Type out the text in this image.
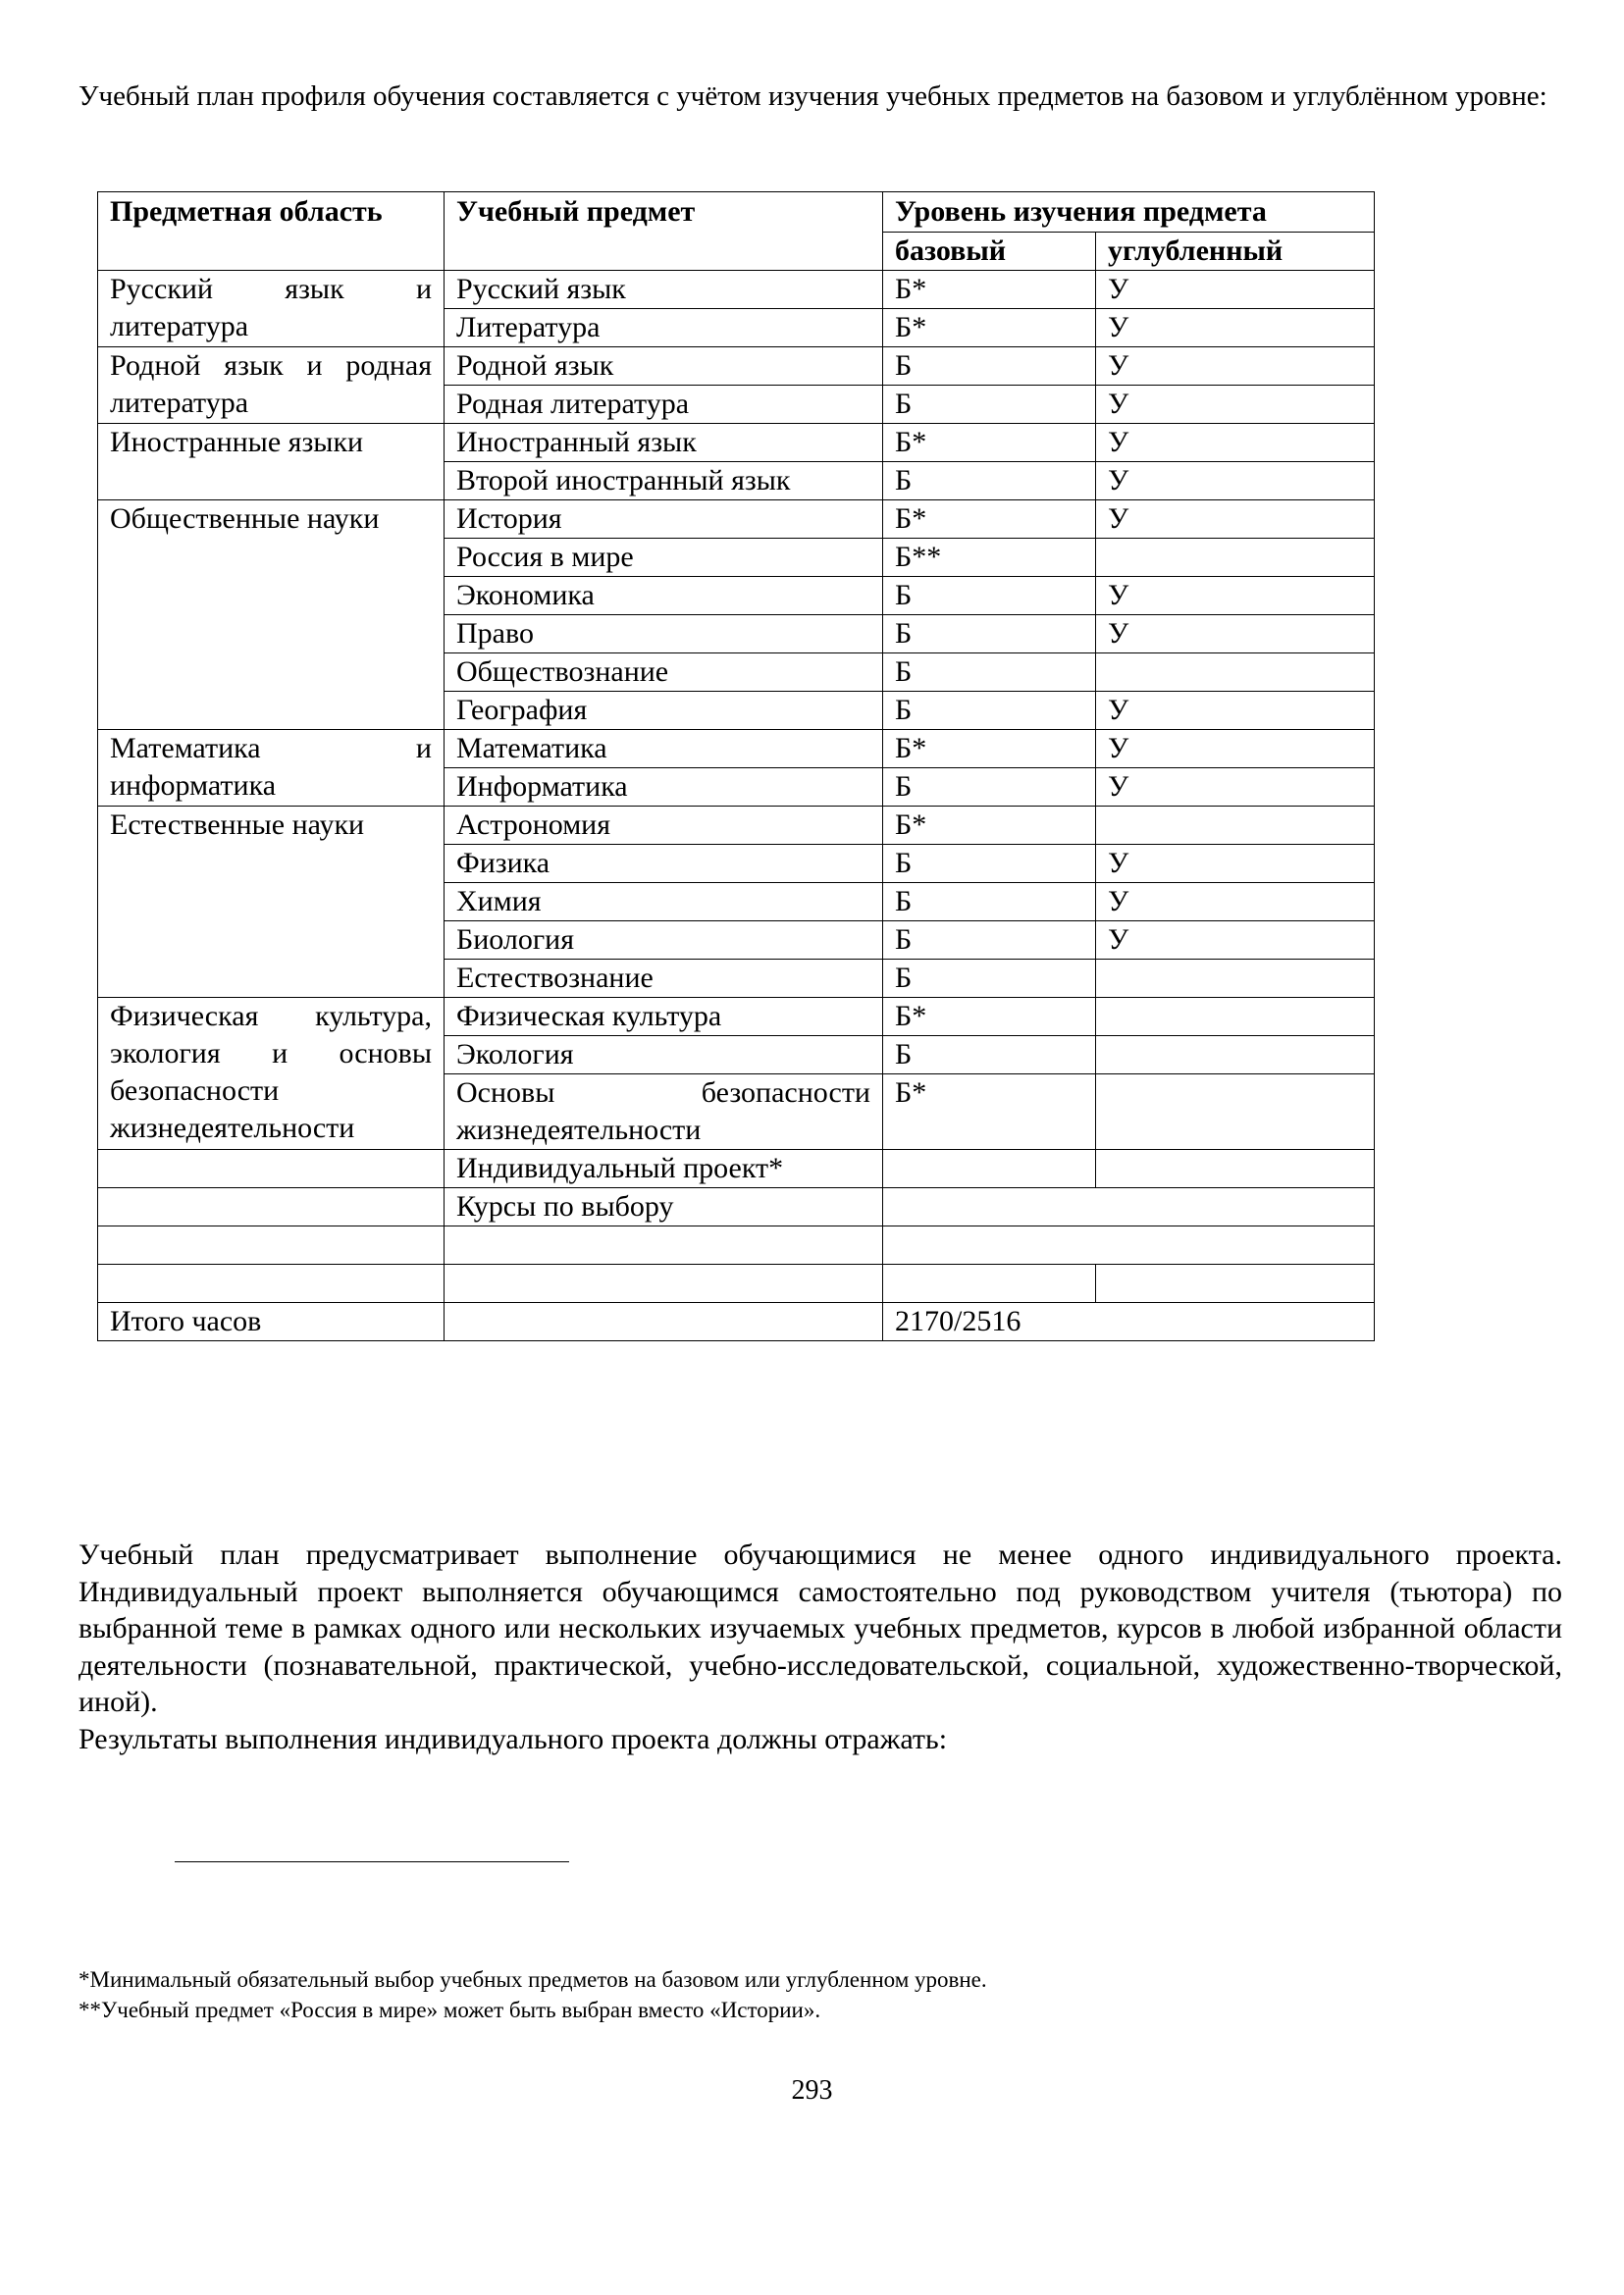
Учебный план профиля обучения составляется с учётом изучения учебных предметов на базовом и углублённом уровне:

Предметная область	Учебный предмет	Уровень изучения предмета	
		базовый	углубленный
Русский язык и литература	Русский язык	Б*	У
	Литература	Б*	У
Родной язык и родная литература	Родной язык	Б	У
	Родная литература	Б	У
Иностранные языки	Иностранный язык	Б*	У
	Второй иностранный язык	Б	У
Общественные науки	История	Б*	У
	Россия в мире	Б**	
	Экономика	Б	У
	Право	Б	У
	Обществознание	Б	
	География	Б	У
Математика и информатика	Математика	Б*	У
	Информатика	Б	У
Естественные науки	Астрономия	Б*	
	Физика	Б	У
	Химия	Б	У
	Биология	Б	У
	Естествознание	Б	
Физическая культура, экология и основы безопасности жизнедеятельности	Физическая культура	Б*	
	Экология	Б	
	Основы безопасности жизнедеятельности	Б*	
	Индивидуальный проект*		
	Курсы по выбору		

Итого часов		2170/2516	

Учебный план предусматривает выполнение обучающимися не менее одного индивидуального проекта. Индивидуальный проект выполняется обучающимся самостоятельно под руководством учителя (тьютора) по выбранной теме в рамках одного или нескольких изучаемых учебных предметов, курсов в любой избранной области деятельности (познавательной, практической, учебно-исследовательской, социальной, художественно-творческой, иной).

Результаты выполнения индивидуального проекта должны отражать:

*Минимальный обязательный выбор учебных предметов на базовом или углубленном уровне.

**Учебный предмет «Россия в мире» может быть выбран вместо «Истории».

293
